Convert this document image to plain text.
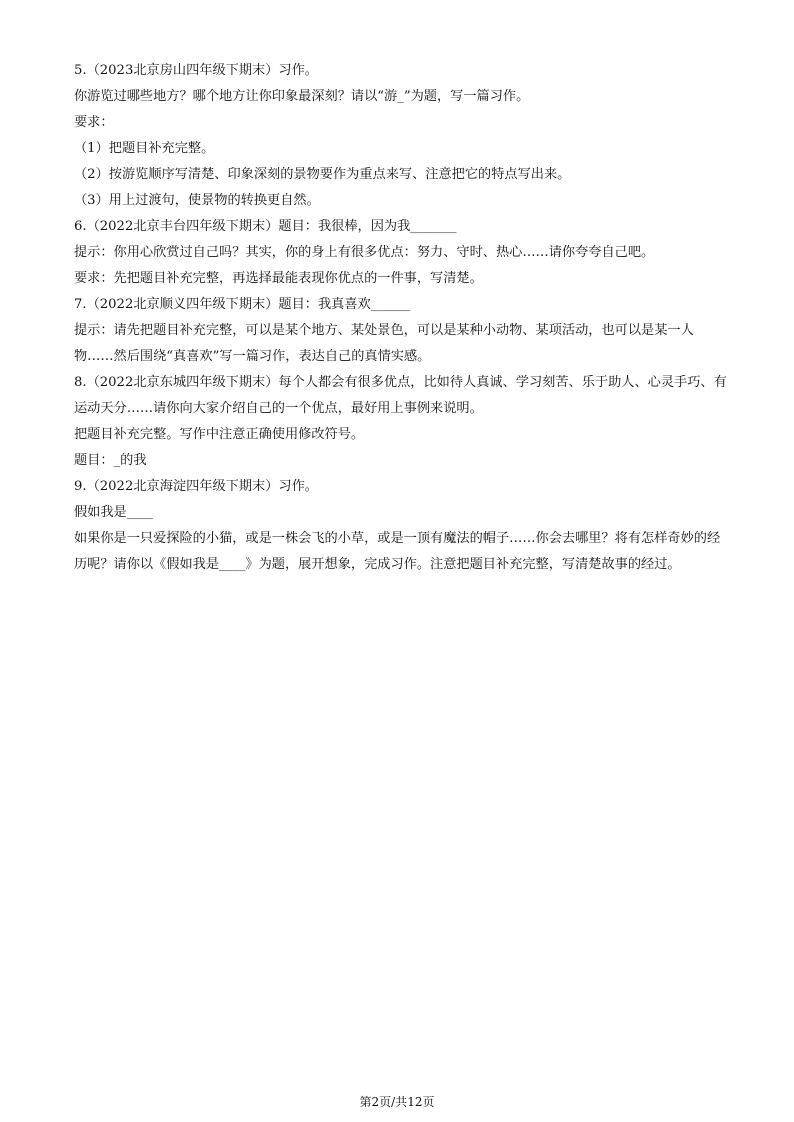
5.（2023北京房山四年级下期末）习作。

你游览过哪些地方？哪个地方让你印象最深刻？请以“游_”为题，写一篇习作。

要求：

（1）把题目补充完整。

（2）按游览顺序写清楚、印象深刻的景物要作为重点来写、注意把它的特点写出来。

（3）用上过渡句，使景物的转换更自然。

6.（2022北京丰台四年级下期末）题目：我很棒，因为我_______

提示：你用心欣赏过自己吗？其实，你的身上有很多优点：努力、守时、热心……请你夸夸自己吧。

要求：先把题目补充完整，再选择最能表现你优点的一件事，写清楚。

7.（2022北京顺义四年级下期末）题目：我真喜欢______

提示：请先把题目补充完整，可以是某个地方、某处景色，可以是某种小动物、某项活动，也可以是某一人物……然后围绕“真喜欢”写一篇习作，表达自己的真情实感。

8.（2022北京东城四年级下期末）每个人都会有很多优点，比如待人真诚、学习刻苦、乐于助人、心灵手巧、有运动天分……请你向大家介绍自己的一个优点，最好用上事例来说明。

把题目补充完整。写作中注意正确使用修改符号。

题目：_的我

9.（2022北京海淀四年级下期末）习作。

假如我是____

如果你是一只爱探险的小猫，或是一株会飞的小草，或是一顶有魔法的帽子……你会去哪里？将有怎样奇妙的经历呢？请你以《假如我是____》为题，展开想象，完成习作。注意把题目补充完整，写清楚故事的经过。

第2页/共12页
